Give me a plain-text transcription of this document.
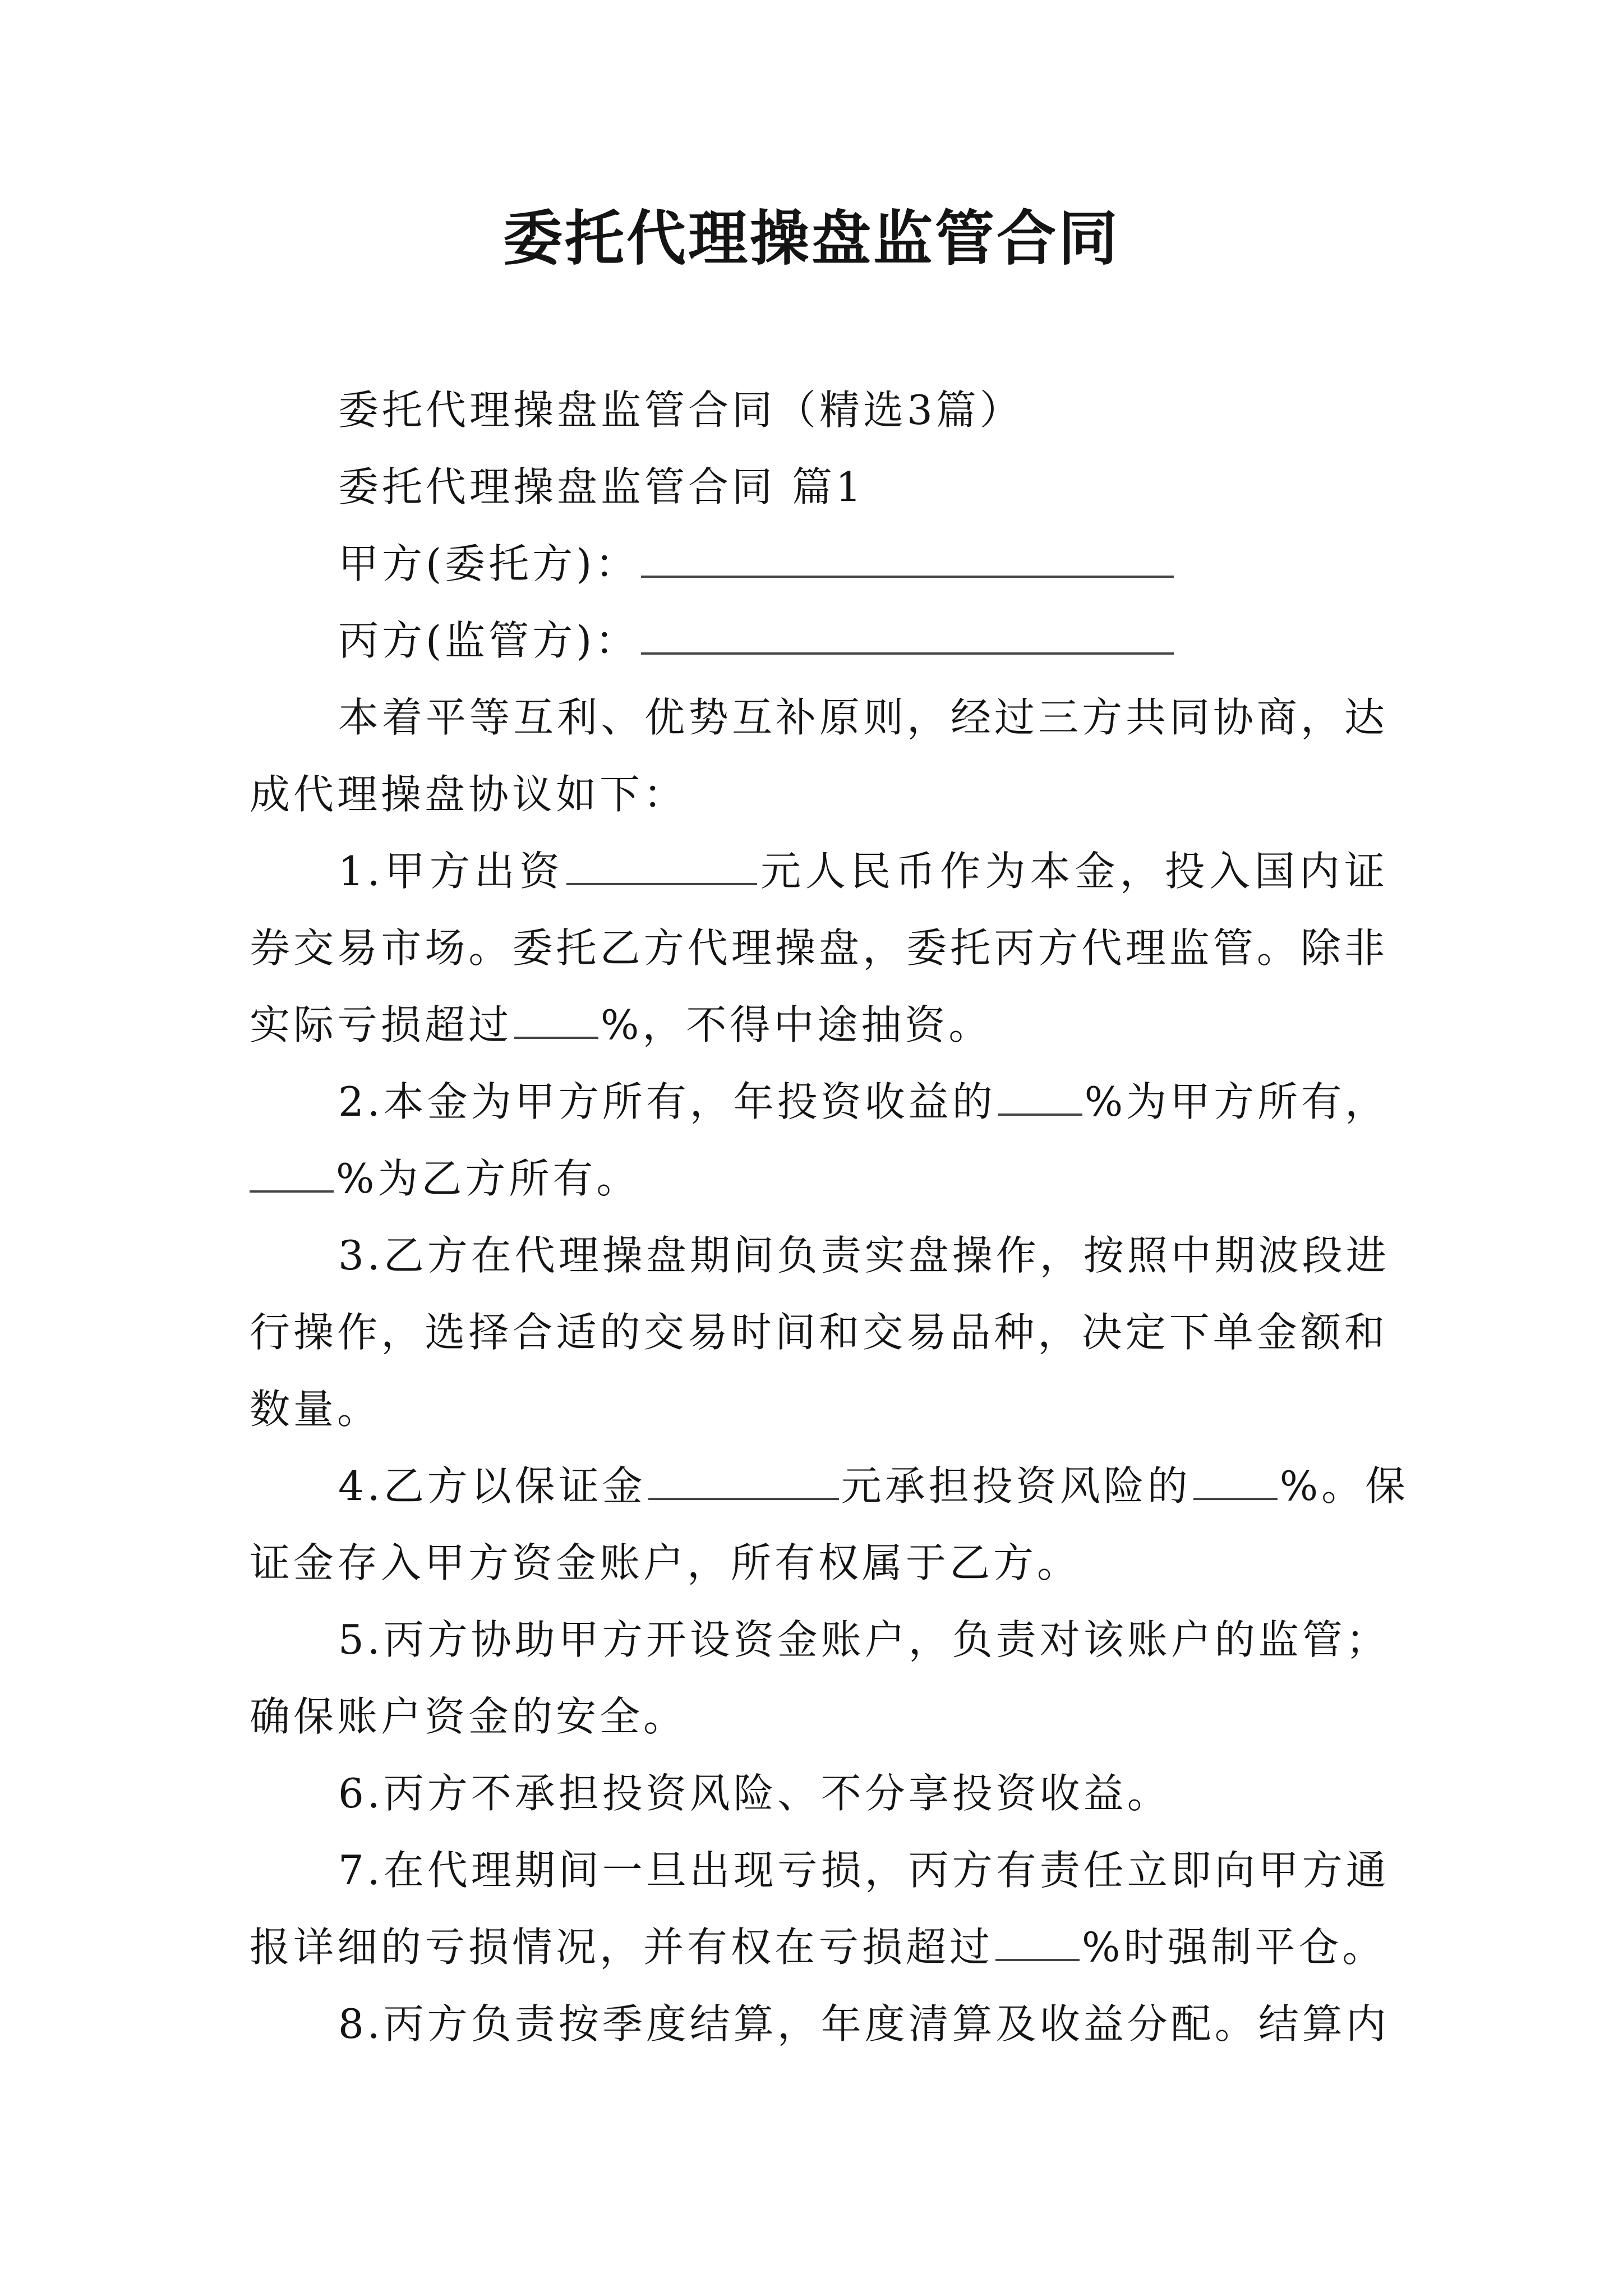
委托代理操盘监管合同
委托代理操盘监管合同（精选3篇）
委托代理操盘监管合同 篇1
甲方(委托方)：
丙方(监管方)：
本着平等互利、优势互补原则，经过三方共同协商，达
成代理操盘协议如下：
1.甲方出资	元人民币作为本金，投入国内证
券交易市场。委托乙方代理操盘，委托丙方代理监管。除非
实际亏损超过 %，不得中途抽资。
2.本金为甲方所有，年投资收益的 %为甲方所有，
%为乙方所有。
3.乙方在代理操盘期间负责实盘操作，按照中期波段进
行操作，选择合适的交易时间和交易品种，决定下单金额和
数量。
4.乙方以保证金	元承担投资风险的 %。保
证金存入甲方资金账户，所有权属于乙方。
5.丙方协助甲方开设资金账户，负责对该账户的监管；
确保账户资金的安全。
6.丙方不承担投资风险、不分享投资收益。
7.在代理期间一旦出现亏损，丙方有责任立即向甲方通
报详细的亏损情况，并有权在亏损超过 %时强制平仓。
8.丙方负责按季度结算，年度清算及收益分配。结算内
